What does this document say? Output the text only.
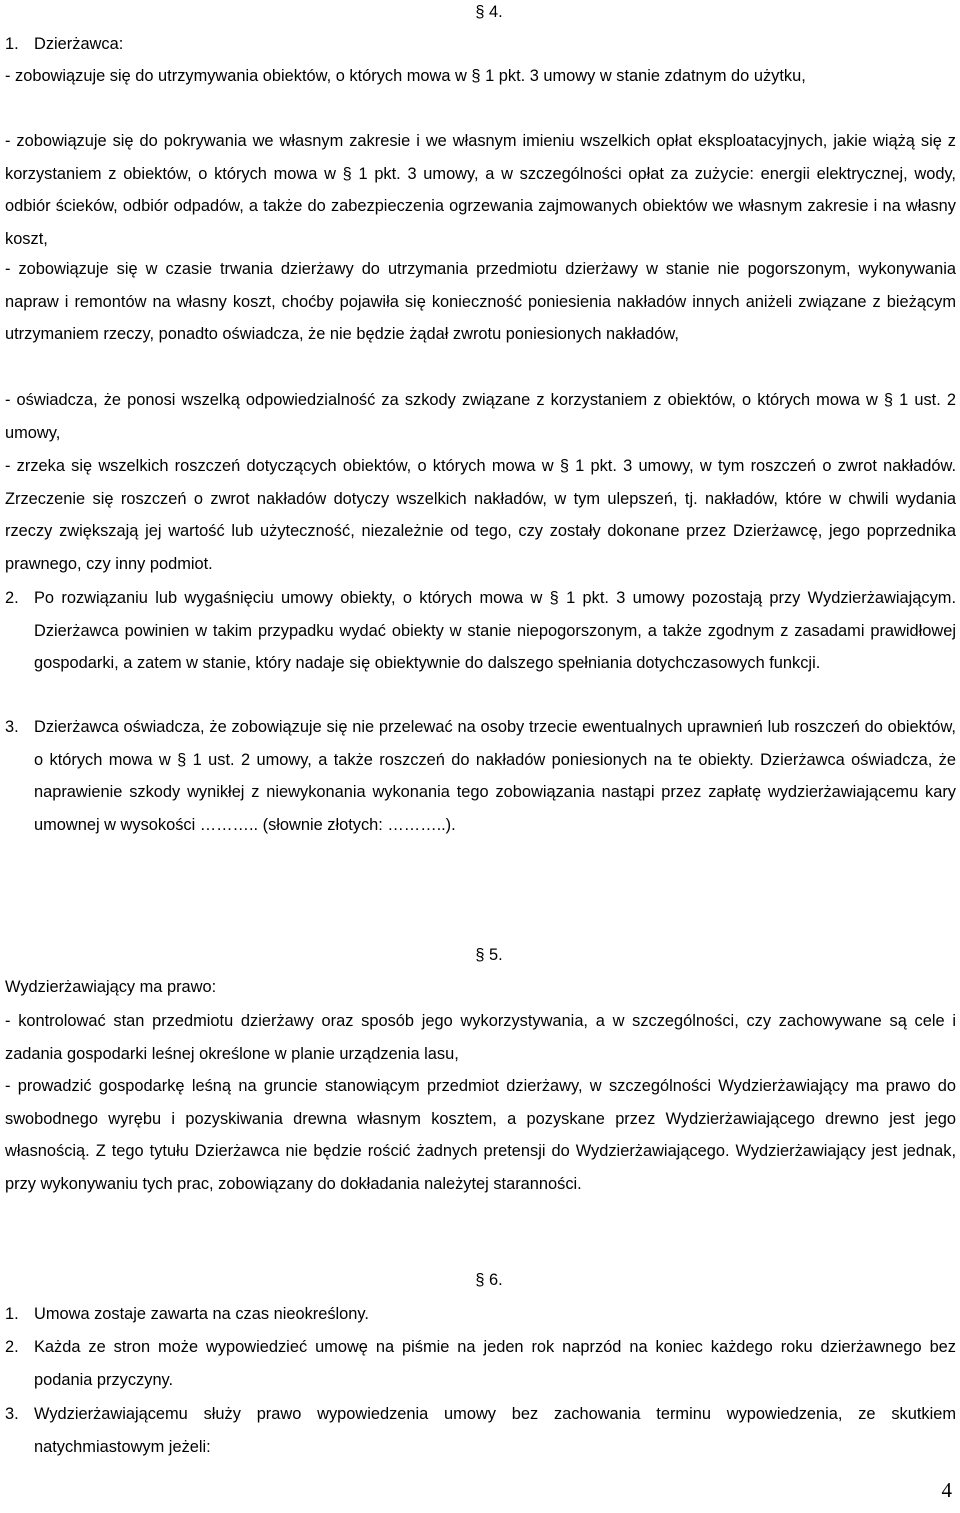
§ 4.
1. Dzierżawca:

- zobowiązuje się do utrzymywania obiektów, o których mowa w § 1 pkt. 3 umowy w stanie zdatnym do użytku,

- zobowiązuje się do pokrywania we własnym zakresie i we własnym imieniu wszelkich opłat eksploatacyjnych, jakie wiążą się z korzystaniem z obiektów, o których mowa w § 1 pkt. 3 umowy, a w szczególności opłat za zużycie: energii elektrycznej, wody, odbiór ścieków, odbiór odpadów, a także do zabezpieczenia ogrzewania zajmowanych obiektów we własnym zakresie i na własny koszt,

- zobowiązuje się w czasie trwania dzierżawy do utrzymania przedmiotu dzierżawy w stanie nie pogorszonym, wykonywania napraw i remontów na własny koszt, choćby pojawiła się konieczność poniesienia nakładów innych aniżeli związane z bieżącym utrzymaniem rzeczy, ponadto oświadcza, że nie będzie żądał zwrotu poniesionych nakładów,

- oświadcza, że ponosi wszelką odpowiedzialność za szkody związane z korzystaniem z obiektów, o których mowa w § 1 ust. 2 umowy,

- zrzeka się wszelkich roszczeń dotyczących obiektów, o których mowa w § 1 pkt. 3 umowy, w tym roszczeń o zwrot nakładów. Zrzeczenie się roszczeń o zwrot nakładów dotyczy wszelkich nakładów, w tym ulepszeń, tj. nakładów, które w chwili wydania rzeczy zwiększają jej wartość lub użyteczność, niezależnie od tego, czy zostały dokonane przez Dzierżawcę, jego poprzednika prawnego, czy inny podmiot.

2. Po rozwiązaniu lub wygaśnięciu umowy obiekty, o których mowa w § 1 pkt. 3 umowy pozostają przy Wydzierżawiającym. Dzierżawca powinien w takim przypadku wydać obiekty w stanie niepogorszonym, a także zgodnym z zasadami prawidłowej gospodarki, a zatem w stanie, który nadaje się obiektywnie do dalszego spełniania dotychczasowych funkcji.
3. Dzierżawca oświadcza, że zobowiązuje się nie przelewać na osoby trzecie ewentualnych uprawnień lub roszczeń do obiektów, o których mowa w § 1 ust. 2 umowy, a także roszczeń do nakładów poniesionych na te obiekty. Dzierżawca oświadcza, że naprawienie szkody wynikłej z niewykonania wykonania tego zobowiązania nastąpi przez zapłatę wydzierżawiającemu kary umownej w wysokości ……….. (słownie złotych: ………..).
§ 5.

Wydzierżawiający ma prawo:

- kontrolować stan przedmiotu dzierżawy oraz sposób jego wykorzystywania, a w szczególności, czy zachowywane są cele i zadania gospodarki leśnej określone w planie urządzenia lasu,

- prowadzić gospodarkę leśną na gruncie stanowiącym przedmiot dzierżawy, w szczególności Wydzierżawiający ma prawo do swobodnego wyrębu i pozyskiwania drewna własnym kosztem, a pozyskane przez Wydzierżawiającego drewno jest jego własnością. Z tego tytułu Dzierżawca nie będzie rościć żadnych pretensji do Wydzierżawiającego. Wydzierżawiający jest jednak, przy wykonywaniu tych prac, zobowiązany do dokładania należytej staranności.

§ 6.
1. Umowa zostaje zawarta na czas nieokreślony.
2. Każda ze stron może wypowiedzieć umowę na piśmie na jeden rok naprzód na koniec każdego roku dzierżawnego bez podania przyczyny.
3. Wydzierżawiającemu służy prawo wypowiedzenia umowy bez zachowania terminu wypowiedzenia, ze skutkiem natychmiastowym jeżeli:
4
